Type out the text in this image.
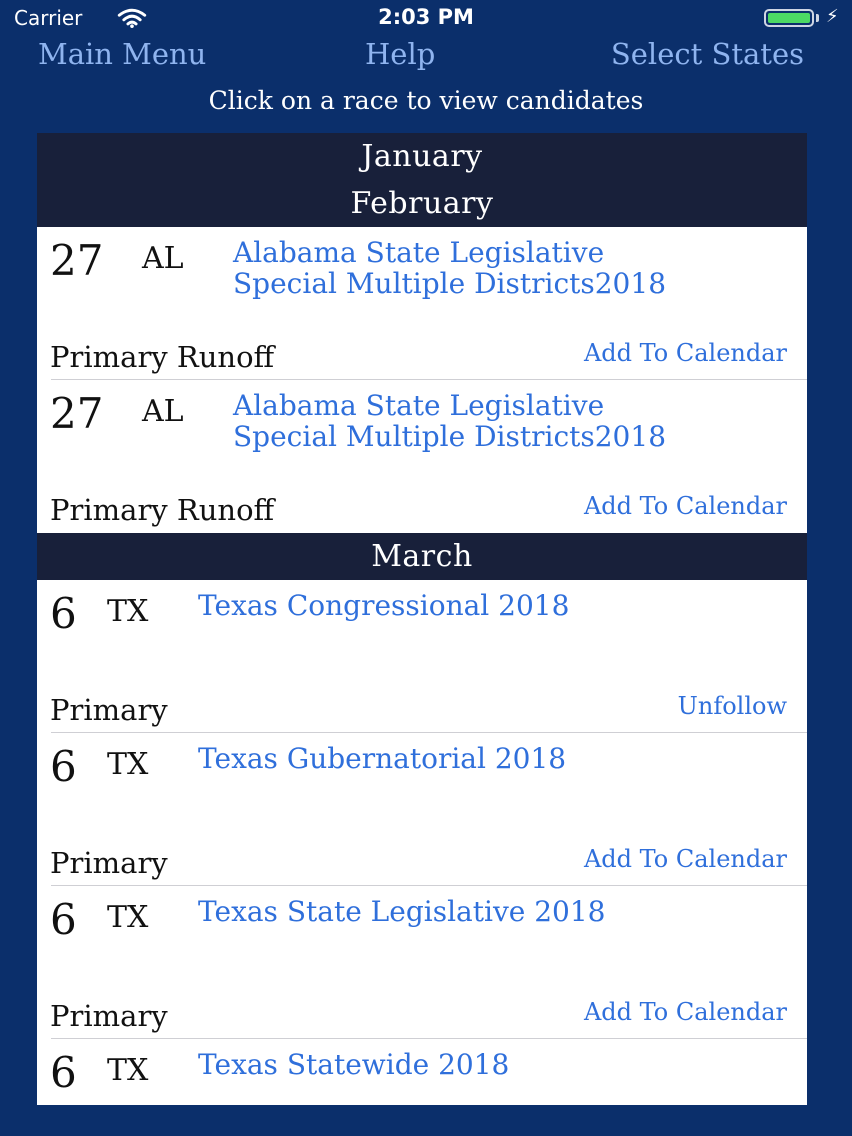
Carrier	2:03 PM	⚡
Main Menu	Help	Select States
Click on a race to view candidates
January
February
27 AL Alabama State Legislative
Special Multiple Districts2018
Primary Runoff	Add To Calendar
27 AL Alabama State Legislative
Special Multiple Districts2018
Primary Runoff	Add To Calendar
March
6 TX Texas Congressional 2018
Primary	Unfollow
6 TX Texas Gubernatorial 2018
Primary	Add To Calendar
6 TX Texas State Legislative 2018
Primary	Add To Calendar
6 TX Texas Statewide 2018
